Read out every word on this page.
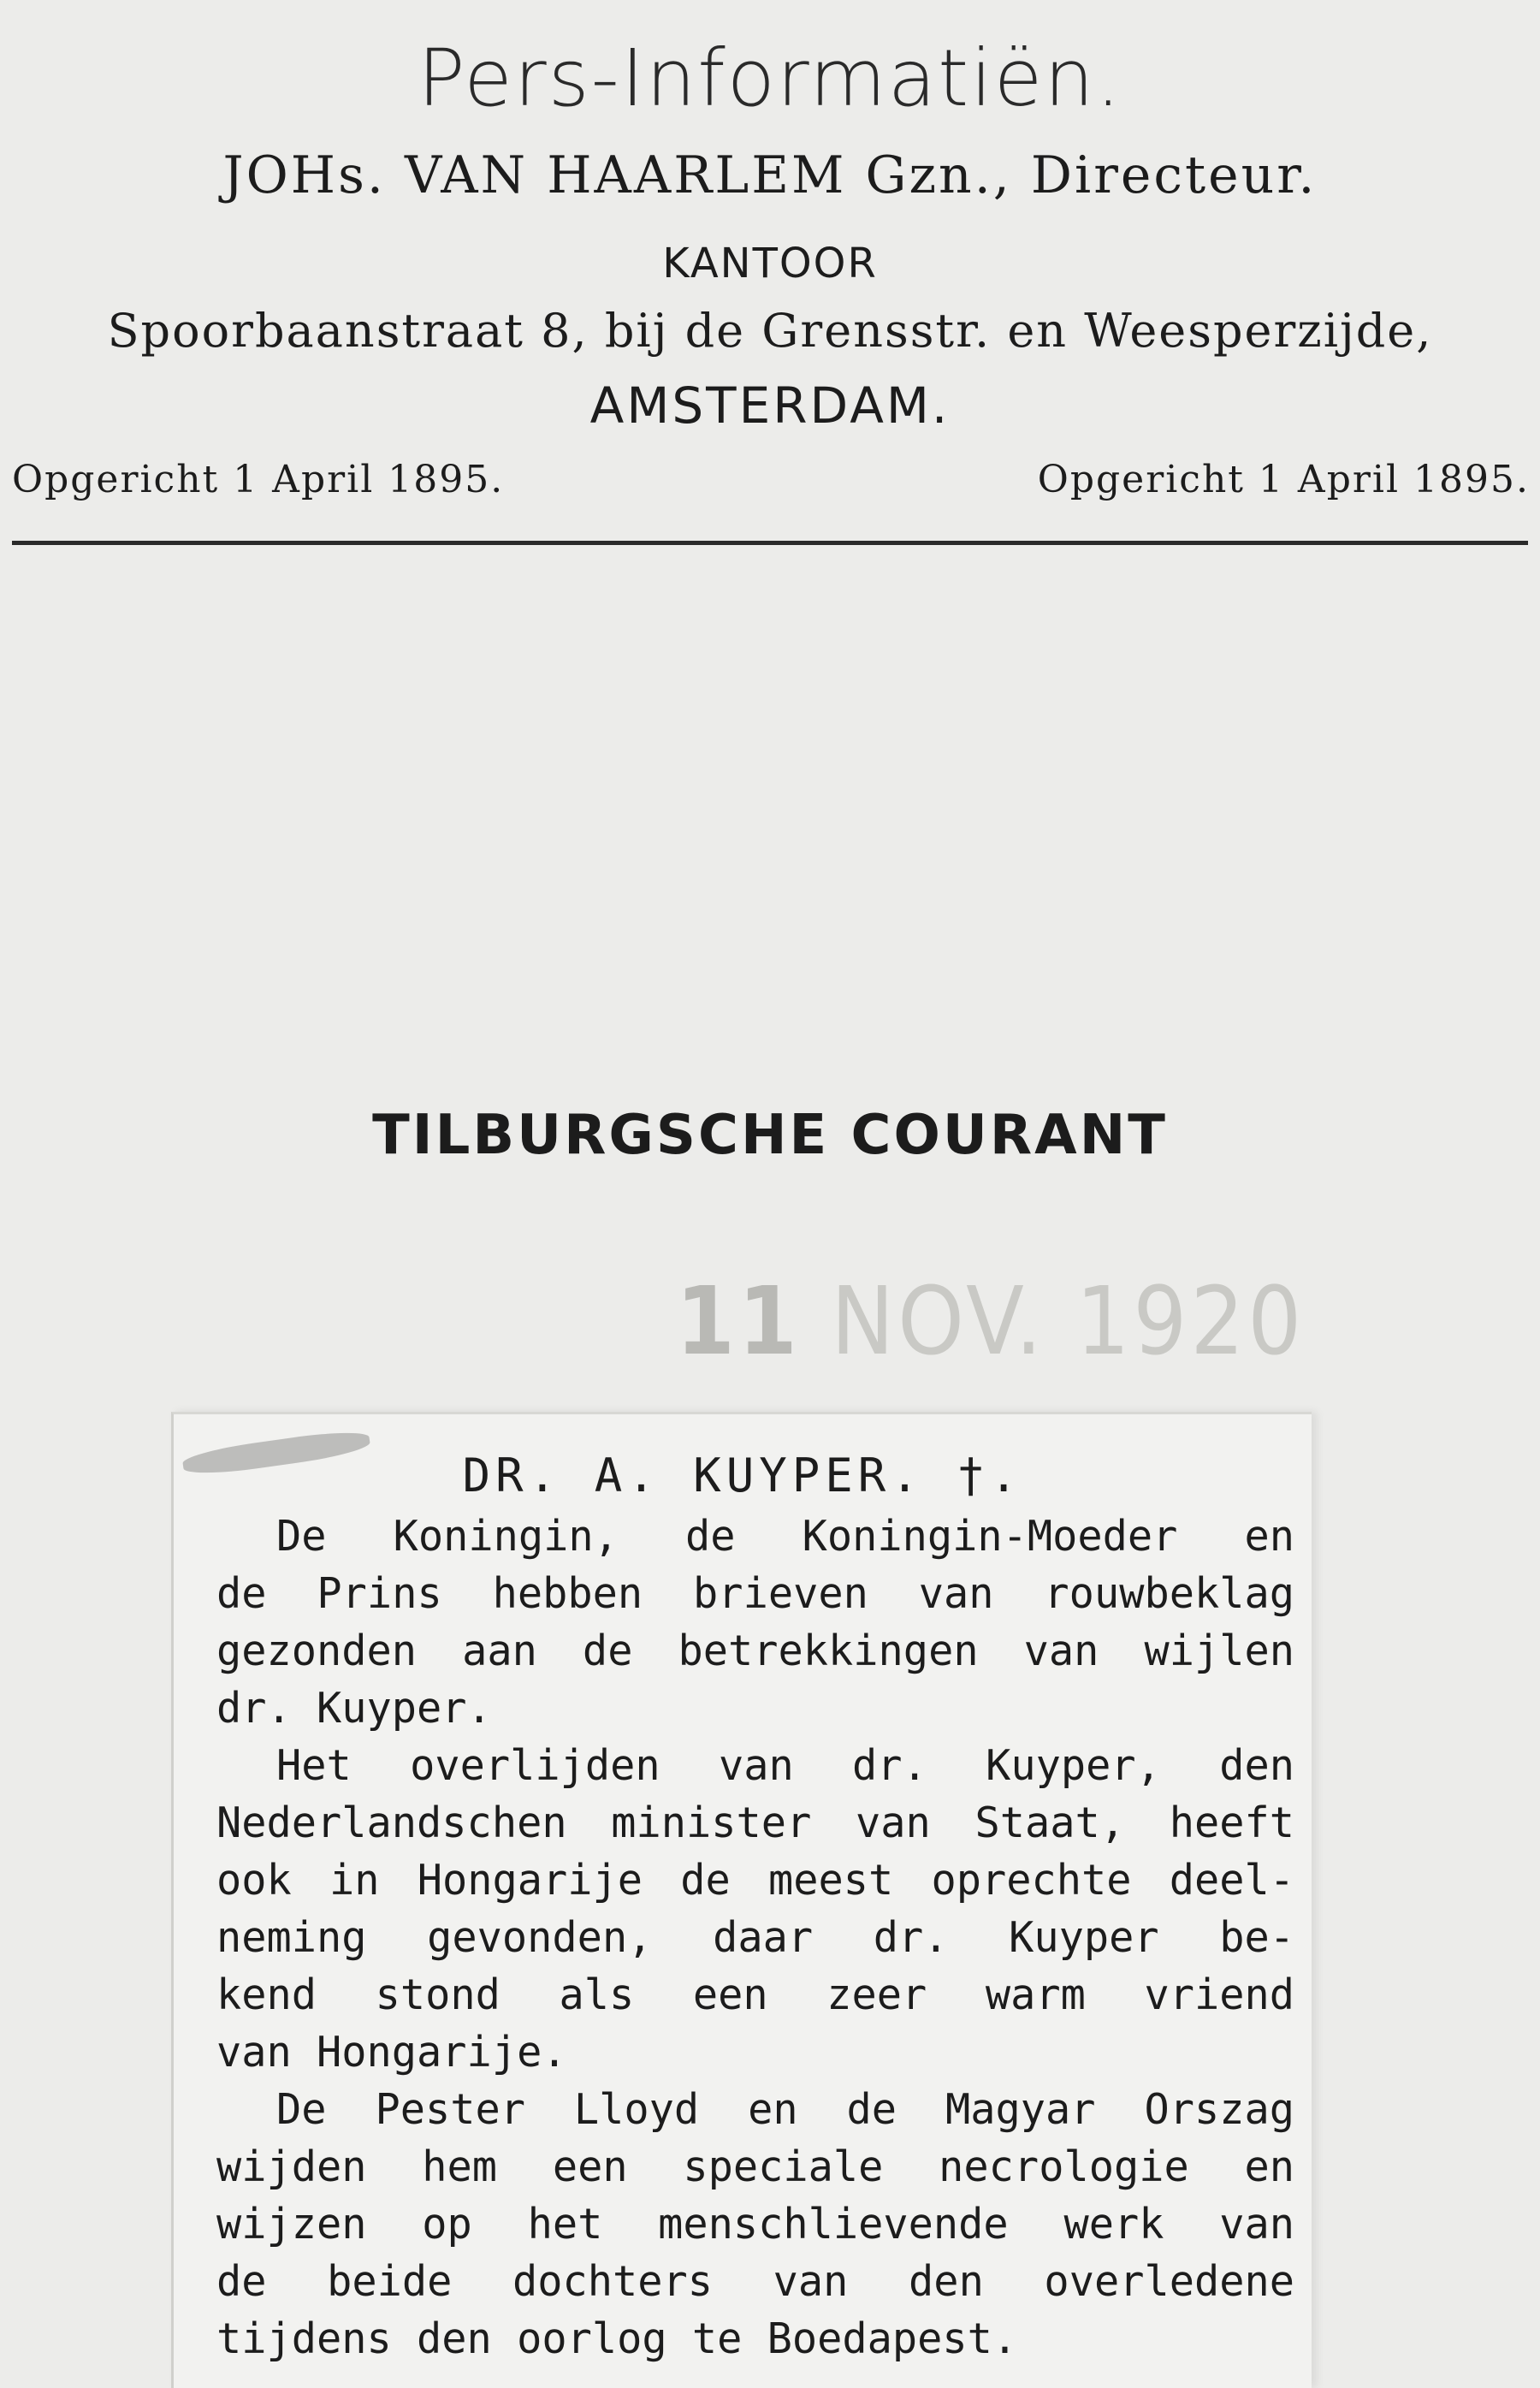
Pers-Informatiën.
JOHs. VAN HAARLEM Gzn., Directeur.
KANTOOR
Spoorbaanstraat 8, bij de Grensstr. en Weesperzijde,
AMSTERDAM.
Opgericht 1 April 1895.	Opgericht 1 April 1895.
TILBURGSCHE COURANT
11 NOV. 1920
DR. A. KUYPER. †.
De Koningin, de Koningin-Moeder en
de Prins hebben brieven van rouwbeklag
gezonden aan de betrekkingen van wijlen
dr. Kuyper.
Het overlijden van dr. Kuyper, den
Nederlandschen minister van Staat, heeft
ook in Hongarije de meest oprechte deel-
neming gevonden, daar dr. Kuyper be-
kend stond als een zeer warm vriend
van Hongarije.
De Pester Lloyd en de Magyar Orszag
wijden hem een speciale necrologie en
wijzen op het menschlievende werk van
de beide dochters van den overledene
tijdens den oorlog te Boedapest.
